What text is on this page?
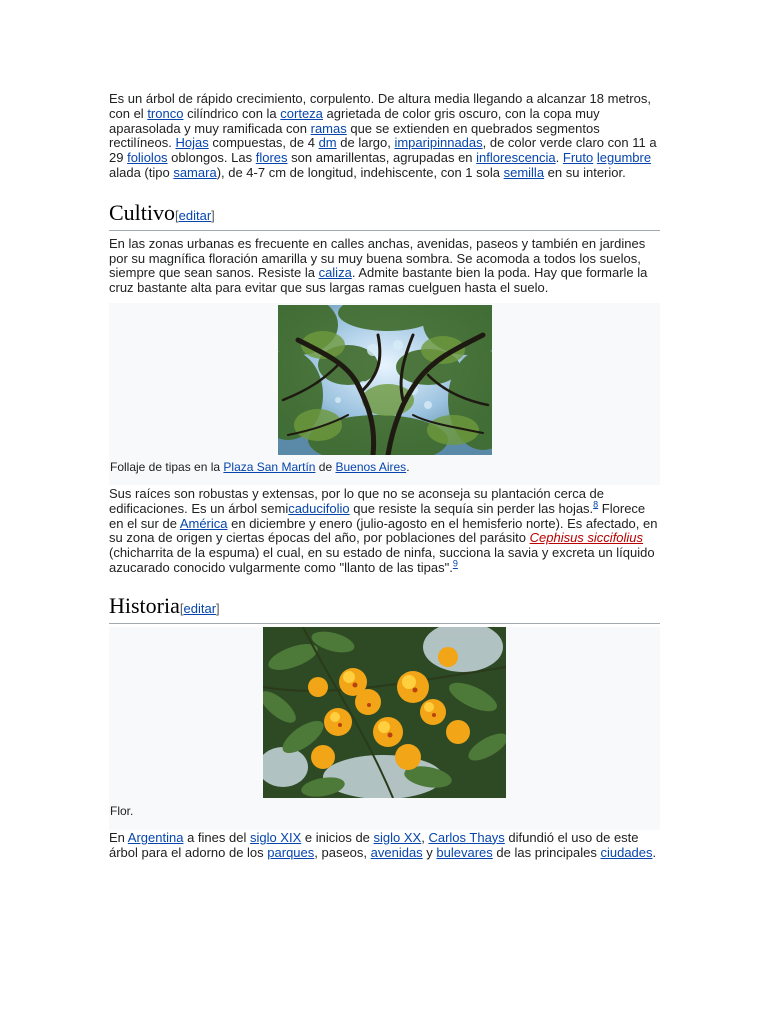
Es un árbol de rápido crecimiento, corpulento. De altura media llegando a alcanzar 18 metros, con el tronco cilíndrico con la corteza agrietada de color gris oscuro, con la copa muy aparasolada y muy ramificada con ramas que se extienden en quebrados segmentos rectilíneos. Hojas compuestas, de 4 dm de largo, imparipinnadas, de color verde claro con 11 a 29 foliolos oblongos. Las flores son amarillentas, agrupadas en inflorescencia. Fruto legumbre alada (tipo samara), de 4-7 cm de longitud, indehiscente, con 1 sola semilla en su interior.

Cultivo[editar]

En las zonas urbanas es frecuente en calles anchas, avenidas, paseos y también en jardines por su magnífica floración amarilla y su muy buena sombra. Se acomoda a todos los suelos, siempre que sean sanos. Resiste la caliza. Admite bastante bien la poda. Hay que formarle la cruz bastante alta para evitar que sus largas ramas cuelguen hasta el suelo.

Follaje de tipas en la Plaza San Martín de Buenos Aires.

Sus raíces son robustas y extensas, por lo que no se aconseja su plantación cerca de edificaciones. Es un árbol semicaducifolio que resiste la sequía sin perder las hojas.$^8$ Florece en el sur de América en diciembre y enero (julio-agosto en el hemisferio norte). Es afectado, en su zona de origen y ciertas épocas del año, por poblaciones del parásito Cephisus siccifolius (chicharrita de la espuma) el cual, en su estado de ninfa, succiona la savia y excreta un líquido azucarado conocido vulgarmente como "llanto de las tipas".$^9$

Historia[editar]
Flor.

En Argentina a fines del siglo XIX e inicios de siglo XX, Carlos Thays difundió el uso de este árbol para el adorno de los parques, paseos, avenidas y bulevares de las principales ciudades.
